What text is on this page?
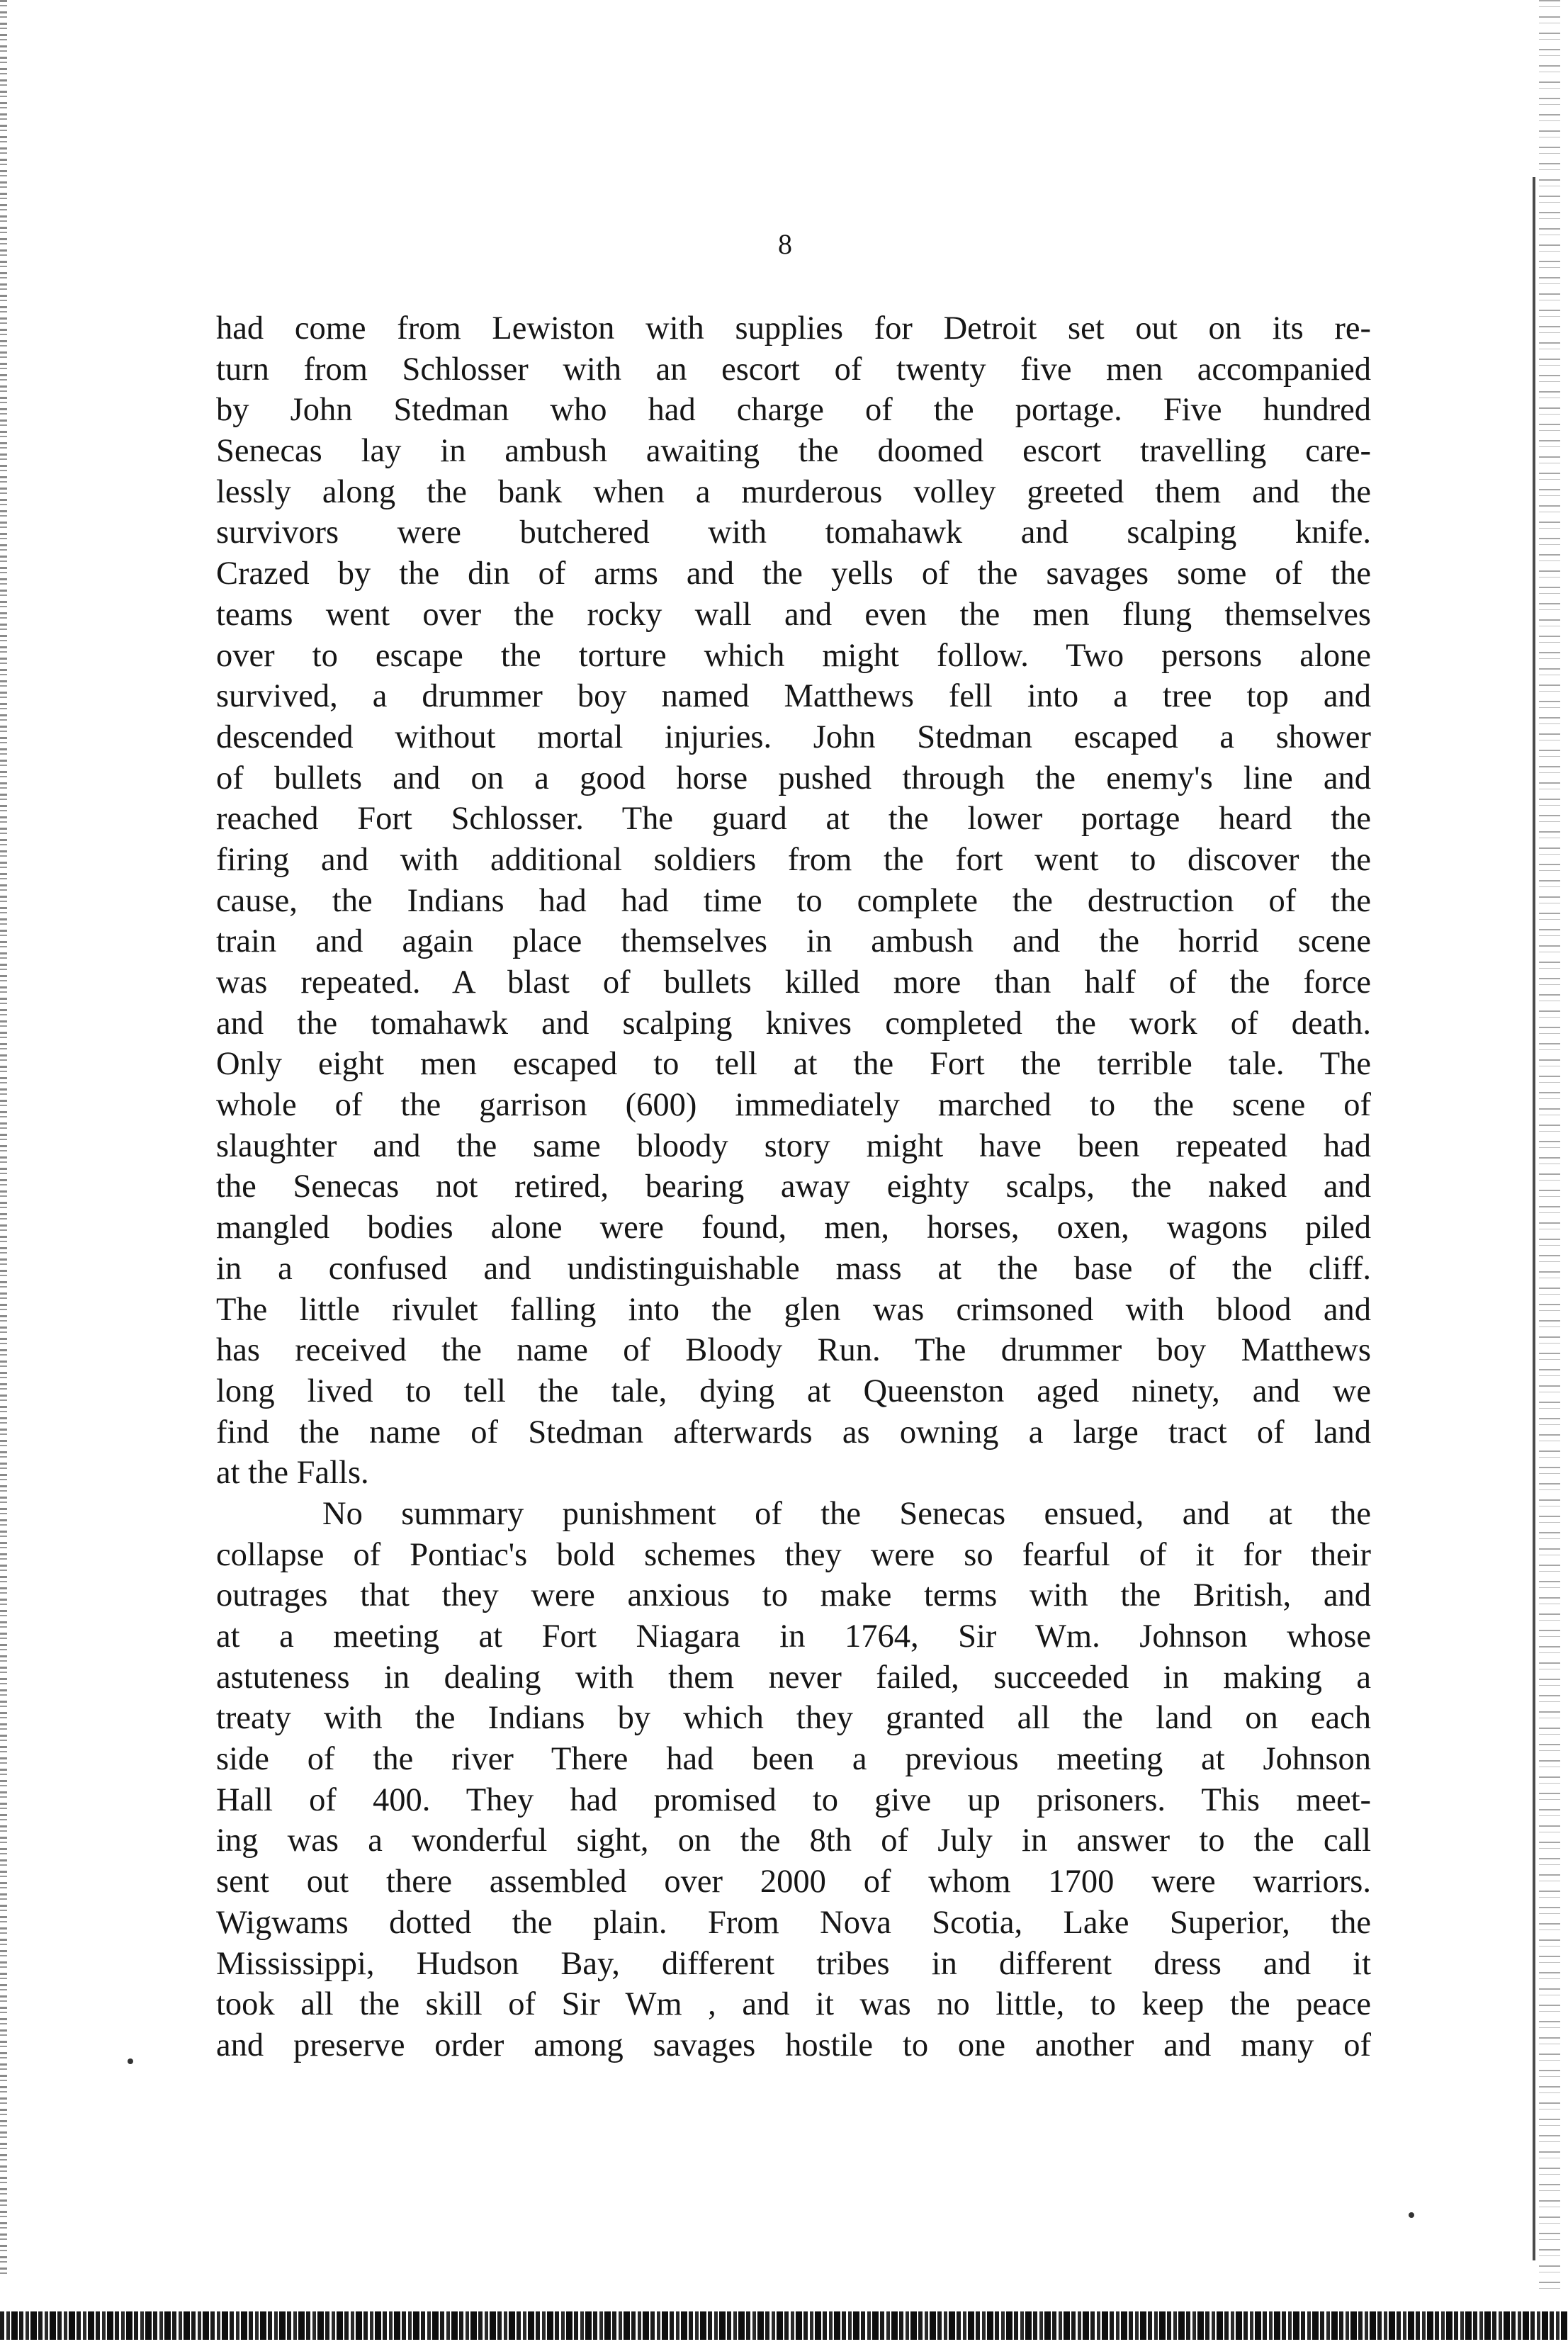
8
had come from Lewiston with supplies for Detroit set out on its re-
turn from Schlosser with an escort of twenty five men accompanied
by John Stedman who had charge of the portage. Five hundred
Senecas lay in ambush awaiting the doomed escort travelling care-
lessly along the bank when a murderous volley greeted them and the
survivors were butchered with tomahawk and scalping knife.
Crazed by the din of arms and the yells of the savages some of the
teams went over the rocky wall and even the men flung themselves
over to escape the torture which might follow. Two persons alone
survived, a drummer boy named Matthews fell into a tree top and
descended without mortal injuries. John Stedman escaped a shower
of bullets and on a good horse pushed through the enemy's line and
reached Fort Schlosser. The guard at the lower portage heard the
firing and with additional soldiers from the fort went to discover the
cause, the Indians had had time to complete the destruction of the
train and again place themselves in ambush and the horrid scene
was repeated. A blast of bullets killed more than half of the force
and the tomahawk and scalping knives completed the work of death.
Only eight men escaped to tell at the Fort the terrible tale. The
whole of the garrison (600) immediately marched to the scene of
slaughter and the same bloody story might have been repeated had
the Senecas not retired, bearing away eighty scalps, the naked and
mangled bodies alone were found, men, horses, oxen, wagons piled
in a confused and undistinguishable mass at the base of the cliff.
The little rivulet falling into the glen was crimsoned with blood and
has received the name of Bloody Run. The drummer boy Matthews
long lived to tell the tale, dying at Queenston aged ninety, and we
find the name of Stedman afterwards as owning a large tract of land
at the Falls.
No summary punishment of the Senecas ensued, and at the
collapse of Pontiac's bold schemes they were so fearful of it for their
outrages that they were anxious to make terms with the British, and
at a meeting at Fort Niagara in 1764, Sir Wm. Johnson whose
astuteness in dealing with them never failed, succeeded in making a
treaty with the Indians by which they granted all the land on each
side of the river There had been a previous meeting at Johnson
Hall of 400. They had promised to give up prisoners. This meet-
ing was a wonderful sight, on the 8th of July in answer to the call
sent out there assembled over 2000 of whom 1700 were warriors.
Wigwams dotted the plain. From Nova Scotia, Lake Superior, the
Mississippi, Hudson Bay, different tribes in different dress and it
took all the skill of Sir Wm , and it was no little, to keep the peace
and preserve order among savages hostile to one another and many of
